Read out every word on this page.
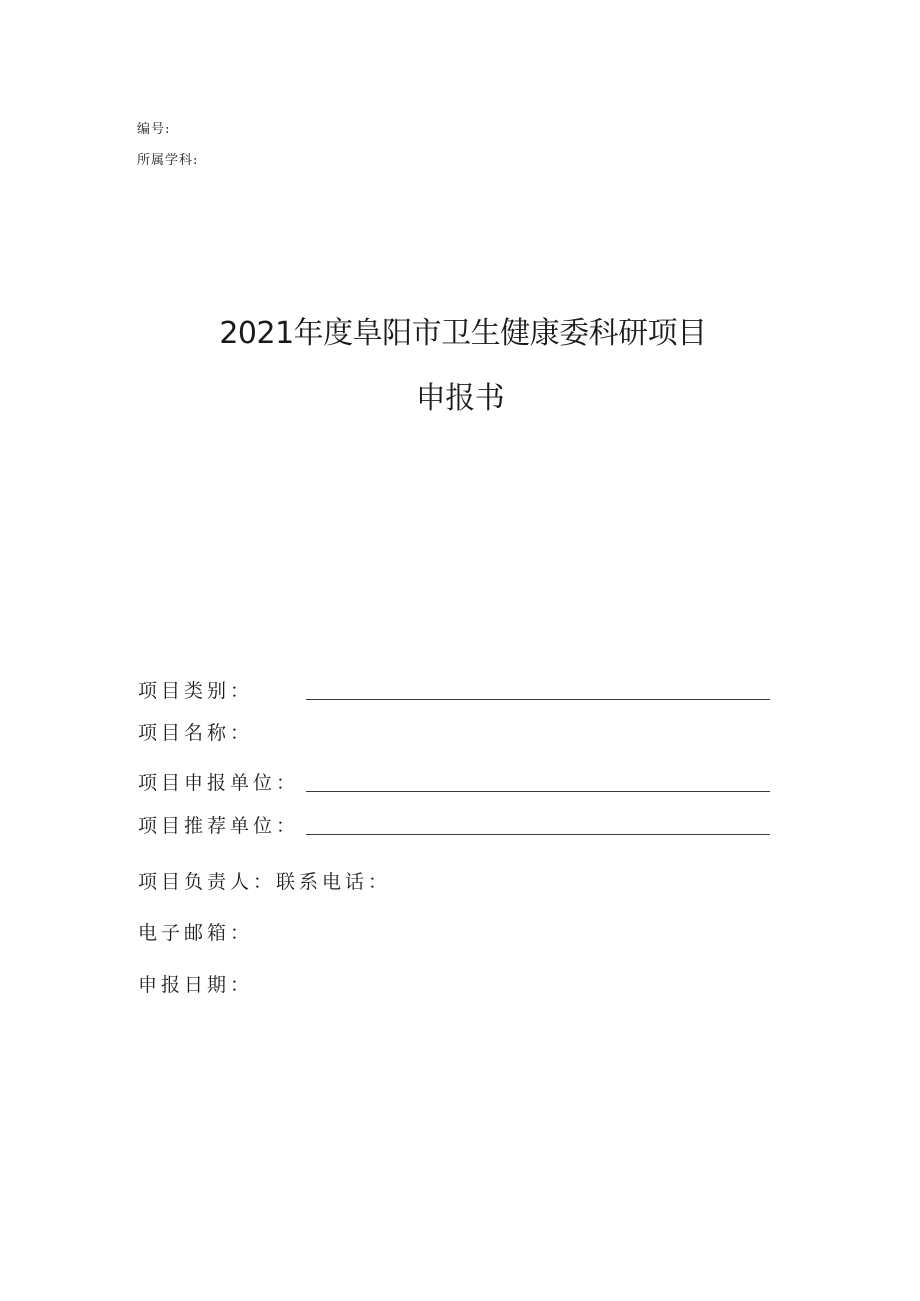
编号:
所属学科:
2021年度阜阳市卫生健康委科研项目
申报书
项目类别：
项目名称：
项目申报单位：
项目推荐单位：
项目负责人：联系电话：
电子邮箱：
申报日期：
